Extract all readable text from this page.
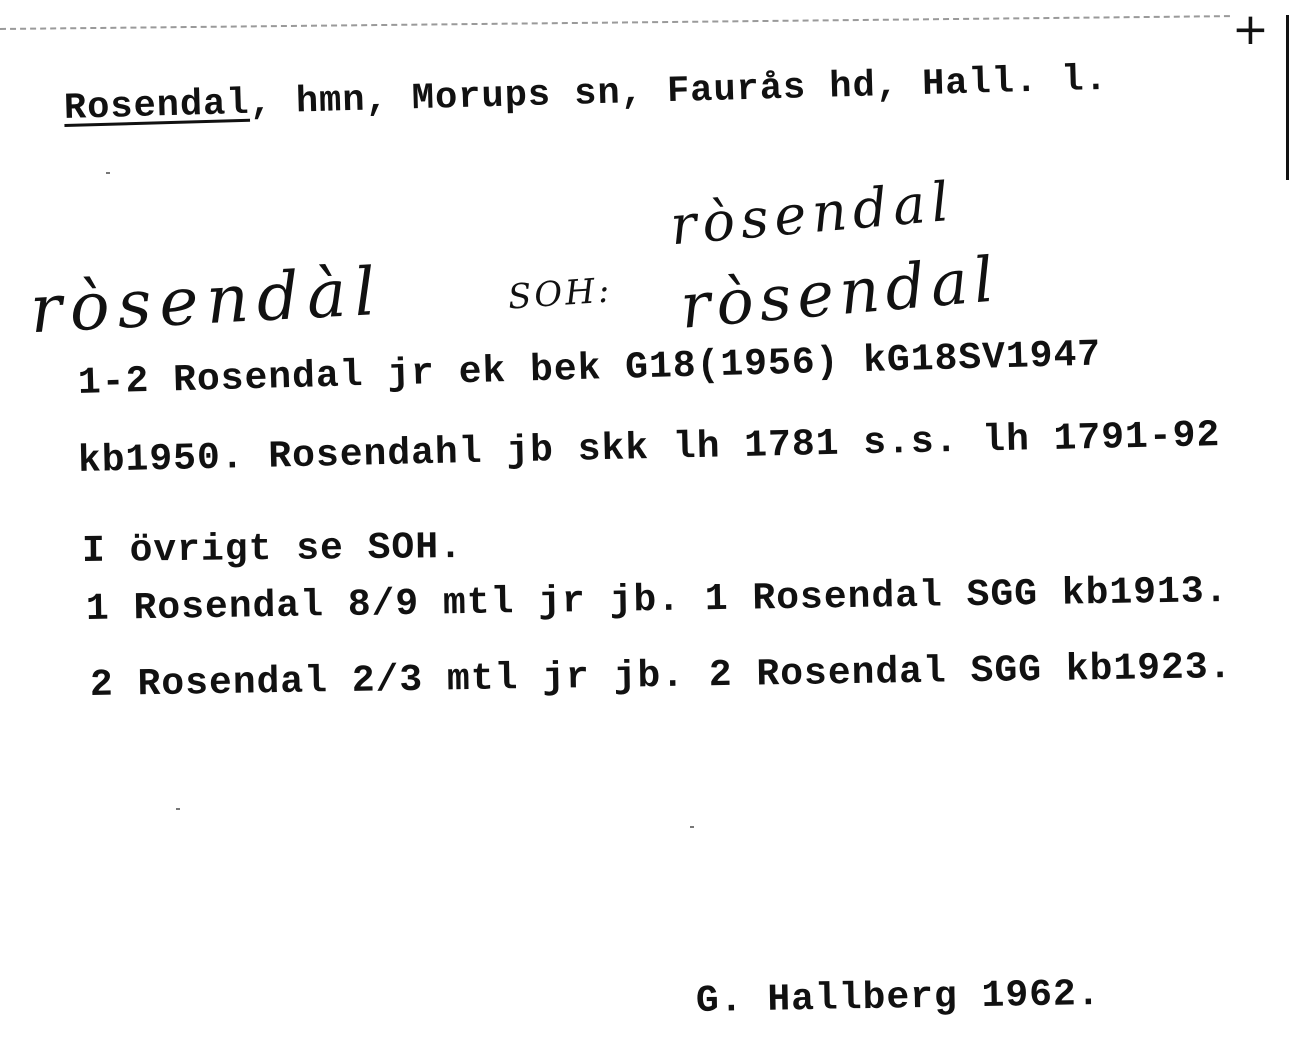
+
Rosendal, hmn, Morups sn, Faurås hd, Hall. l.
ròsendal
ròsendàl	SOH: ròsendal
1-2 Rosendal jr ek bek G18(1956) kG18SV1947
kb1950. Rosendahl jb skk lh 1781 s.s. lh 1791-92
I övrigt se SOH.
1 Rosendal 8/9 mtl jr jb. 1 Rosendal SGG kb1913.
2 Rosendal 2/3 mtl jr jb. 2 Rosendal SGG kb1923.
G. Hallberg 1962.
